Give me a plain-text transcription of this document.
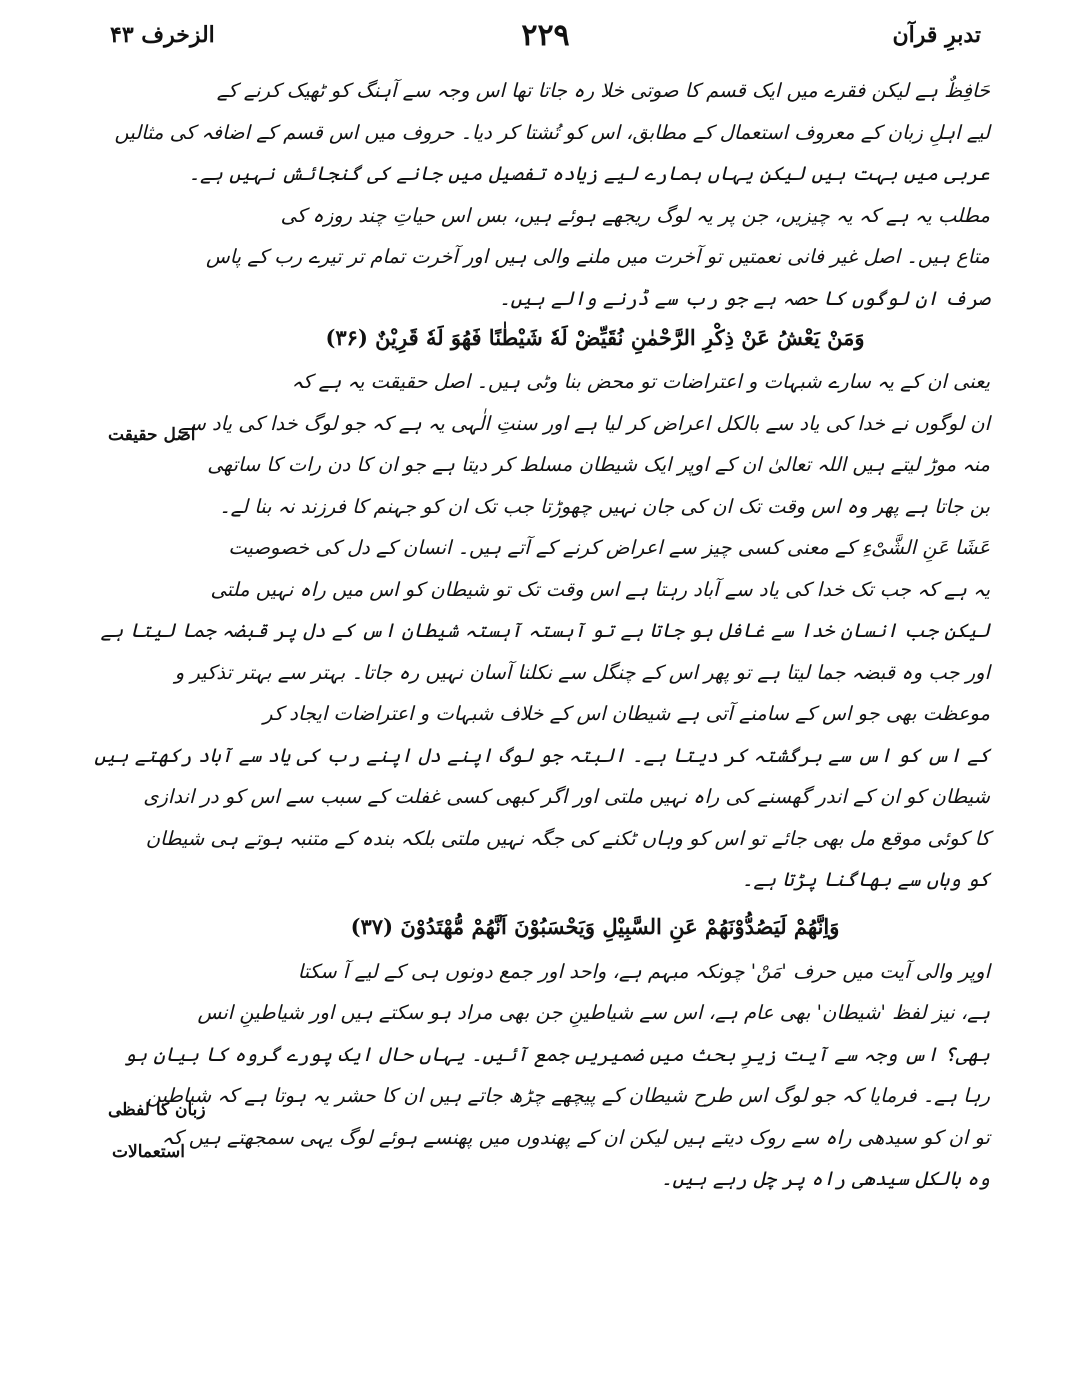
الزخرف ۴۳	۲۲۹	تدبرِ قرآن
اصل حقیقت
زبان کا لفظی
استعمالات
حَافِظٌ ہے لیکن فقرے میں ایک قسم کا صوتی خلا رہ جاتا تھا اس وجہ سے آہنگ کو ٹھیک کرنے کے
لیے اہلِ زبان کے معروف استعمال کے مطابق، اس کو تُشتا کر دیا۔ حروف میں اس قسم کے اضافہ کی مثالیں
عربی میں بہت ہیں لیکن یہاں ہمارے لیے زیادہ تفصیل میں جانے کی گنجائش نہیں ہے۔
مطلب یہ ہے کہ یہ چیزیں، جن پر یہ لوگ ریجھے ہوئے ہیں، بس اس حیاتِ چند روزہ کی
متاع ہیں۔ اصل غیر فانی نعمتیں تو آخرت میں ملنے والی ہیں اور آخرت تمام تر تیرے رب کے پاس
صرف ان لوگوں کا حصہ ہے جو رب سے ڈرنے والے ہیں۔
وَمَنْ يَعْشُ عَنْ ذِكْرِ الرَّحْمٰنِ نُقَيِّضْ لَهٗ شَيْطٰنًا فَهُوَ لَهٗ قَرِيْنٌ (۳۶)
یعنی ان کے یہ سارے شبہات و اعتراضات تو محض بنا وٹی ہیں۔ اصل حقیقت یہ ہے کہ
ان لوگوں نے خدا کی یاد سے بالکل اعراض کر لیا ہے اور سنتِ الٰہی یہ ہے کہ جو لوگ خدا کی یاد سے
منہ موڑ لیتے ہیں اللہ تعالیٰ ان کے اوپر ایک شیطان مسلط کر دیتا ہے جو ان کا دن رات کا ساتھی
بن جاتا ہے پھر وہ اس وقت تک ان کی جان نہیں چھوڑتا جب تک ان کو جہنم کا فرزند نہ بنا لے۔
عَشَا عَنِ الشَّیْءِ کے معنی کسی چیز سے اعراض کرنے کے آتے ہیں۔ انسان کے دل کی خصوصیت
یہ ہے کہ جب تک خدا کی یاد سے آباد رہتا ہے اس وقت تک تو شیطان کو اس میں راہ نہیں ملتی
لیکن جب انسان خدا سے غافل ہو جاتا ہے تو آہستہ آہستہ شیطان اس کے دل پر قبضہ جما لیتا ہے
اور جب وہ قبضہ جما لیتا ہے تو پھر اس کے چنگل سے نکلنا آسان نہیں رہ جاتا۔ بہتر سے بہتر تذکیر و
موعظت بھی جو اس کے سامنے آتی ہے شیطان اس کے خلاف شبہات و اعتراضات ایجاد کر
کے اس کو اس سے برگشتہ کر دیتا ہے۔ البتہ جو لوگ اپنے دل اپنے رب کی یاد سے آباد رکھتے ہیں
شیطان کو ان کے اندر گھسنے کی راہ نہیں ملتی اور اگر کبھی کسی غفلت کے سبب سے اس کو در اندازی
کا کوئی موقع مل بھی جائے تو اس کو وہاں ٹکنے کی جگہ نہیں ملتی بلکہ بندہ کے متنبہ ہوتے ہی شیطان
کو وہاں سے بھاگنا پڑتا ہے۔
وَاِنَّهُمْ لَيَصُدُّوْنَهُمْ عَنِ السَّبِيْلِ وَيَحْسَبُوْنَ اَنَّهُمْ مُّهْتَدُوْنَ (۳۷)
اوپر والی آیت میں حرف 'مَنْ' چونکہ مبہم ہے، واحد اور جمع دونوں ہی کے لیے آ سکتا
ہے، نیز لفظ 'شیطان' بھی عام ہے، اس سے شیاطینِ جن بھی مراد ہو سکتے ہیں اور شیاطینِ انس
بھی؟ اس وجہ سے آیت زیرِ بحث میں ضمیریں جمع آئیں۔ یہاں حال ایک پورے گروہ کا بیان ہو
رہا ہے۔ فرمایا کہ جو لوگ اس طرح شیطان کے پیچھے چڑھ جاتے ہیں ان کا حشر یہ ہوتا ہے کہ شیاطین
تو ان کو سیدھی راہ سے روک دیتے ہیں لیکن ان کے پھندوں میں پھنسے ہوئے لوگ یہی سمجھتے ہیں کہ
وہ بالکل سیدھی راہ پر چل رہے ہیں۔
